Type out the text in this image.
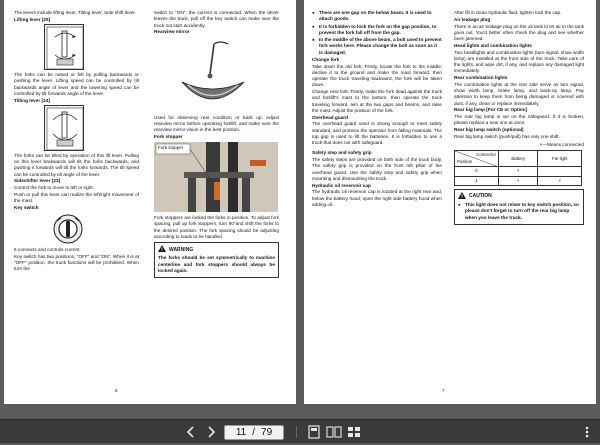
The levers include lifting lever, Tilting lever, Side shift lever.

Lifting lever [25]

The forks can be raised or fell by pulling backwards or pushing the lever. Lifting speed can be controlled by tilt backwards angle of lever and the lowering speed can be controlled by tilt forwards angle of the lever.

Tilting lever [24]

The forks can be tilted by operation of this lift lever. Pulling on this lever backwards will tilt the forks backwards, and pushing it forwards will tilt the forks forwards. The tilt speed can be controlled by tilt angle of the lever.

Sideshifter lever [23]

Control the fork to move to left or right.

Push or pull this lever can realize the left/right movement of the mast.

Key switch

It connects and controls current.

Key switch has two positions, "OFF" and "ON". When it is at "OFF" position, the truck functions will be prohibited. When turn the

switch to "ON", the current is connected. When the driver leaves the truck, pull off the key switch can make sure the truck not start accidently.

Rearview mirror

Used for observing rear condition or back up. Adjust rearview mirror before operating forklift, and make sure the rearview mirror vision in the best position.

Fork stopper

Fork stopper

Fork stoppers are locked the forks in position. To adjust fork spacing, pull up fork stoppers, turn 90°and shift the forks to the desired position. The fork spacing should be adjusting according to loads to be handled.

WARNING

The forks should be set symmetrically to machine centerline and fork stoppers should always be locked again.

6
● There are one gap on the below beam. It is used to attach goods.
● It is forbidden to lock the fork on the gap position, to prevent the fork fall off from the gap.
● In the middle of the above beam, a bolt used to prevent fork works here. Please change the bolt as soon as it is damaged.

Change fork

Take down the old fork: Firstly, locate the fork to the middle, decline it to the ground and make the mast forward, then operate the truck traveling backward, the fork will be taken down.

Change new fork: Firstly, make the fork dead against the truck and forklift's mast to the bottom, then operate the truck traveling forward, aim at the two gaps and beams, and raise the mast. Adjust the position of the fork.

Overhead guard

The overhead guard used is strong enough to meet safety standard, and protects the operator from falling materials. The top gap is used to lift the batteries. It is forbidden to use a truck that does not with safeguard.

Safety step and safety grip

The safety steps are provided on both side of the truck body. The safety grip is provided on the front left pillar of the overhead guard. Use the safety step and safety grip when mounting and dismounting the truck.

Hydraulic oil reservoir cap

The hydraulic oil reservoir cap is located at the right rear and, below the battery hood; open the right side battery hood when adding oil.

After fill in clean hydraulic fluid, tighten lock the cap.

Air leakage plug

There is an air leakage plug on the oil tank to let air in the tank goes out. You'd better often check the plug and see whether been jammed.

Head lights and combination lights

Two headlights and combination lights (turn signal, show width lamp) are installed at the front side of the truck. Take care of the lights, and wipe dirt, if any, and replace any damaged light immediately.

Rear combination lights

The combination lights at the rear side serve as turn signal, show width lamp, brake lamp, and back-up lamp. Pay attention to keep them from being damaged or covered with dust, if any, clean or replace immediately.

Rear big lamp [For CE or Option]

The rear big lamp is set on the safeguard. If it is broken, please replace a new one at once.

Rear big lamp switch (optional)

Rear big lamp switch (push/pull) has only one shift.

×—Means connected

Connector
Position	Battery	Far light
0	×	
1	×	×
CAUTION
● This light does not relate to key switch position, so please don't forget to turn off the rear big lamp when you leave the truck.
7
11 / 79
